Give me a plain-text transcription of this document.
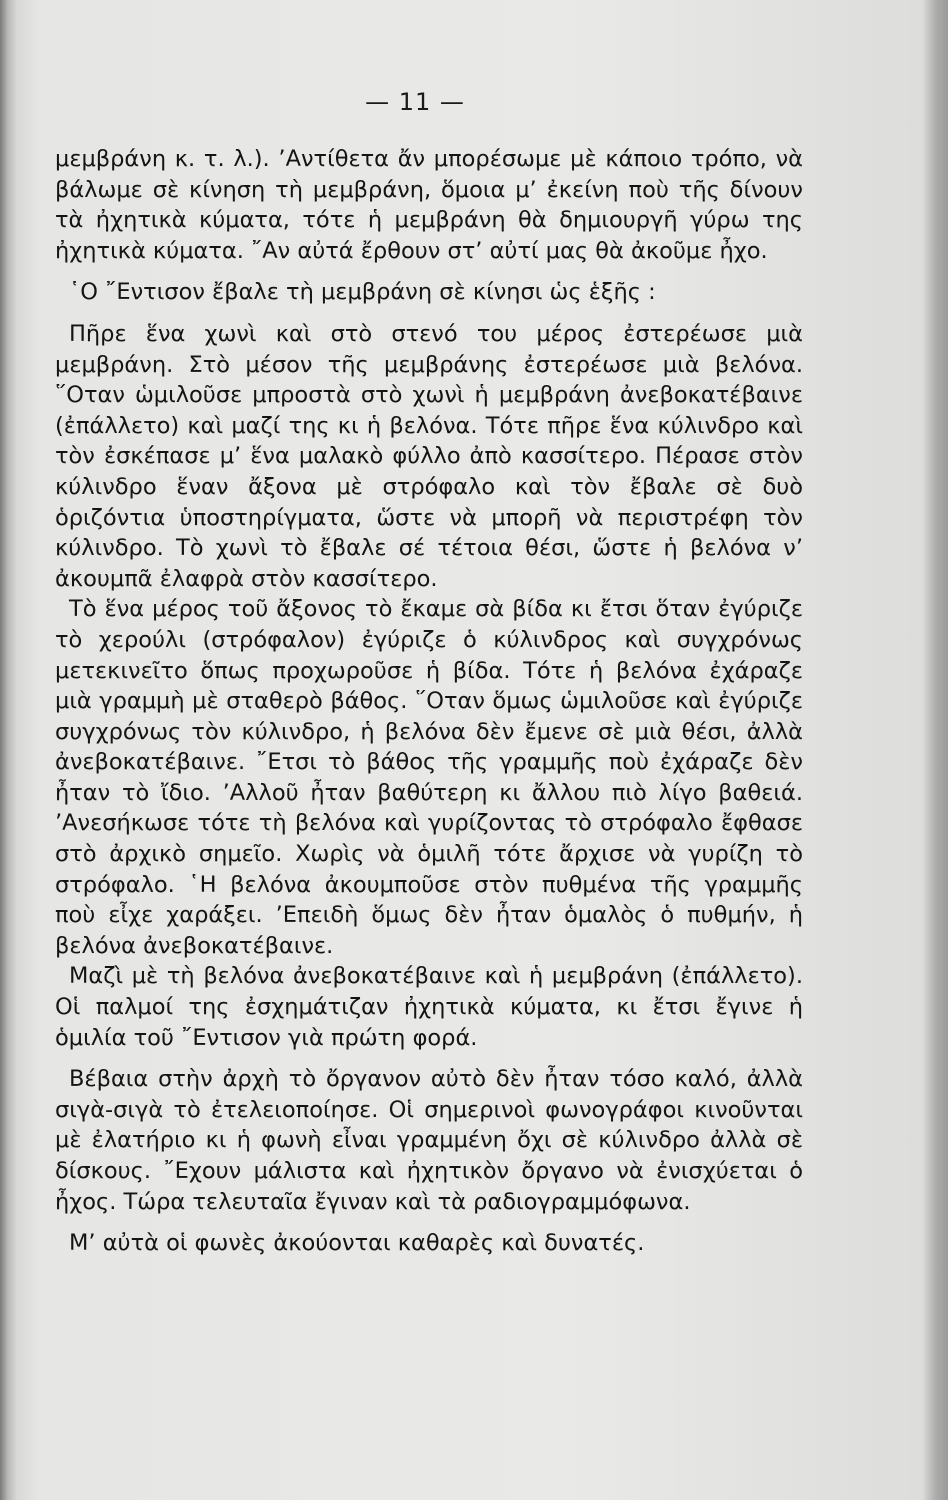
— 11 —

μεμβράνη κ. τ. λ.). ’Αντίθετα ἄν μπορέσωμε μὲ κάποιο τρόπο, νὰ βάλωμε σὲ κίνηση τὴ μεμβράνη, ὅμοια μ’ ἐκείνη ποὺ τῆς δίνουν τὰ ἠχητικὰ κύματα, τότε ἡ μεμβράνη θὰ δημιουργῆ γύρω της ἠχητικὰ κύματα. ῎Αν αὐτά ἔρθουν στ’ αὐτί μας θὰ ἀκοῦμε ἦχο.

῾Ο ῎Εντισον ἔβαλε τὴ μεμβράνη σὲ κίνησι ὡς ἑξῆς :

Πῆρε ἕνα χωνὶ καὶ στὸ στενό του μέρος ἐστερέωσε μιὰ μεμβράνη. Στὸ μέσον τῆς μεμβράνης ἐστερέωσε μιὰ βελόνα. ῞Οταν ὡμιλοῦσε μπροστὰ στὸ χωνὶ ἡ μεμβράνη ἀνεβοκατέβαινε (ἐπάλλετο) καὶ μαζί της κι ἡ βελόνα. Τότε πῆρε ἕνα κύλινδρο καὶ τὸν ἐσκέπασε μ’ ἕνα μαλακὸ φύλλο ἀπὸ κασσίτερο. Πέρασε στὸν κύλινδρο ἕναν ἄξονα μὲ στρόφαλο καὶ τὸν ἔβαλε σὲ δυὸ ὁριζόντια ὑποστηρίγματα, ὥστε νὰ μπορῆ νὰ περιστρέφη τὸν κύλινδρο. Τὸ χωνὶ τὸ ἔβαλε σέ τέτοια θέσι, ὥστε ἡ βελόνα ν’ ἀκουμπᾶ ἐλαφρὰ στὸν κασσίτερο.

Τὸ ἕνα μέρος τοῦ ἄξονος τὸ ἔκαμε σὰ βίδα κι ἔτσι ὅταν ἐγύριζε τὸ χερούλι (στρόφαλον) ἐγύριζε ὁ κύλινδρος καὶ συγχρόνως μετεκινεῖτο ὅπως προχωροῦσε ἡ βίδα. Τότε ἡ βελόνα ἐχάραζε μιὰ γραμμὴ μὲ σταθερὸ βάθος. ῞Οταν ὅμως ὡμιλοῦσε καὶ ἐγύριζε συγχρόνως τὸν κύλινδρο, ἡ βελόνα δὲν ἔμενε σὲ μιὰ θέσι, ἀλλὰ ἀνεβοκατέβαινε. ῎Ετσι τὸ βάθος τῆς γραμμῆς ποὺ ἐχάραζε δὲν ἦταν τὸ ἴδιο. ’Αλλοῦ ἦταν βαθύτερη κι ἄλλου πιὸ λίγο βαθειά. ’Ανεσήκωσε τότε τὴ βελόνα καὶ γυρίζοντας τὸ στρόφαλο ἔφθασε στὸ ἀρχικὸ σημεῖο. Χωρὶς νὰ ὁμιλῆ τότε ἄρχισε νὰ γυρίζη τὸ στρόφαλο. ῾Η βελόνα ἀκουμποῦσε στὸν πυθμένα τῆς γραμμῆς ποὺ εἶχε χαράξει. ’Επειδὴ ὅμως δὲν ἦταν ὁμαλὸς ὁ πυθμήν, ἡ βελόνα ἀνεβοκατέβαινε.

Μαζὶ μὲ τὴ βελόνα ἀνεβοκατέβαινε καὶ ἡ μεμβράνη (ἐπάλλετο). Οἱ παλμοί της ἐσχημάτιζαν ἠχητικὰ κύματα, κι ἔτσι ἔγινε ἡ ὁμιλία τοῦ ῎Εντισον γιὰ πρώτη φορά.

Βέβαια στὴν ἀρχὴ τὸ ὄργανον αὐτὸ δὲν ἦταν τόσο καλό, ἀλλὰ σιγὰ-σιγὰ τὸ ἐτελειοποίησε. Οἱ σημερινοὶ φωνογράφοι κινοῦνται μὲ ἐλατήριο κι ἡ φωνὴ εἶναι γραμμένη ὄχι σὲ κύλινδρο ἀλλὰ σὲ δίσκους. ῎Εχουν μάλιστα καὶ ἠχητικὸν ὄργανο νὰ ἐνισχύεται ὁ ἦχος. Τώρα τελευταῖα ἔγιναν καὶ τὰ ραδιογραμμόφωνα.

Μ’ αὐτὰ οἱ φωνὲς ἀκούονται καθαρὲς καὶ δυνατές.
